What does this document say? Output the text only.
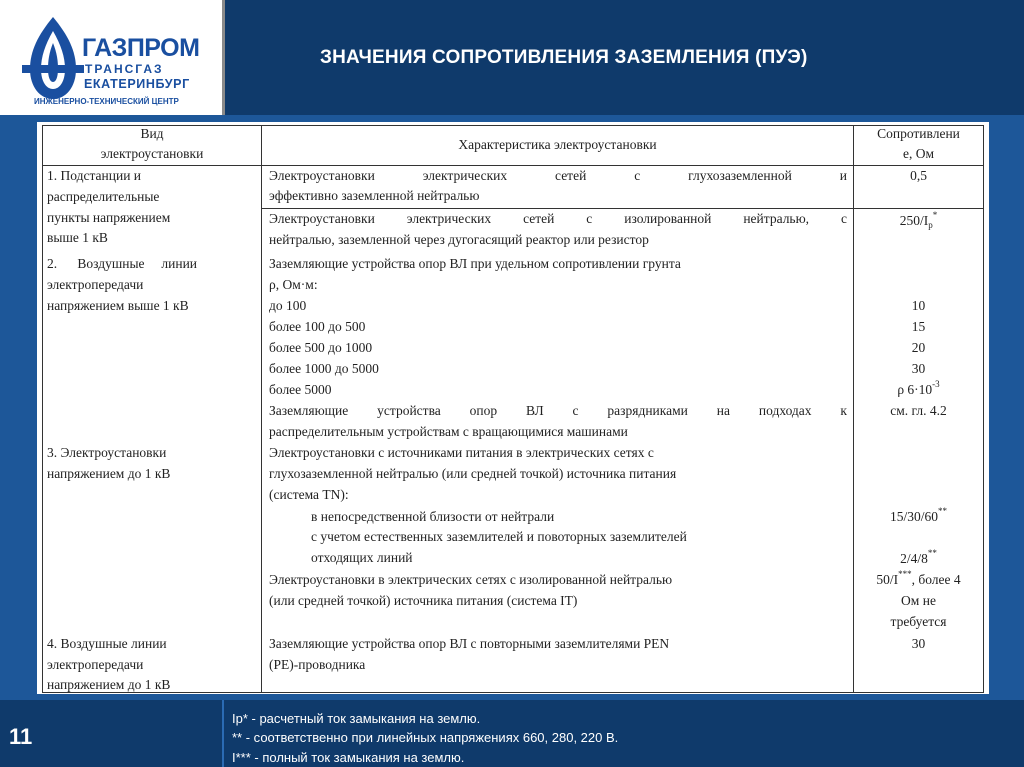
ГАЗПРОМ
ТРАНСГАЗ
ЕКАТЕРИНБУРГ
ИНЖЕНЕРНО-ТЕХНИЧЕСКИЙ ЦЕНТР
ЗНАЧЕНИЯ СОПРОТИВЛЕНИЯ ЗАЗЕМЛЕНИЯ (ПУЭ)
Вид
электроустановки
Характеристика электроустановки
Сопротивлени
е, Ом
1. Подстанции и
распределительные
пункты напряжением
выше 1 кВ
2.      Воздушные     линии
электропередачи
напряжением выше 1 кВ
3. Электроустановки
напряжением до 1 кВ
4. Воздушные линии
электропередачи
напряжением до 1 кВ
Электроустановки электрических сетей с глухозаземленной и
эффективно заземленной нейтралью
Электроустановки электрических сетей с изолированной нейтралью, с
нейтралью, заземленной через дугогасящий реактор или резистор
Заземляющие устройства опор ВЛ при удельном сопротивлении грунта
ρ, Ом·м:
до 100
более 100 до 500
более 500 до 1000
более 1000 до 5000
более 5000
Заземляющие устройства опор ВЛ с разрядниками на подходах к
распределительным устройствам с вращающимися машинами
Электроустановки с источниками питания в электрических сетях с
глухозаземленной нейтралью (или средней точкой) источника питания
(система TN):
в непосредственной близости от нейтрали
с учетом естественных заземлителей и повоторных заземлителей
отходящих линий
Электроустановки в электрических сетях с изолированной нейтралью
(или средней точкой) источника питания (система IT)
Заземляющие устройства опор ВЛ с повторными заземлителями PEN
(PE)-проводника
0,5
$250/I_р^*$
10
15
20
30
ρ $6\cdot 10^{-3}$
см. гл. 4.2
15/30/60**
2/4/8**
50/I***, более 4
Ом не
требуется
30
11
Ip* - расчетный ток замыкания на землю.
** - соответственно при линейных напряжениях 660, 280, 220 В.
I*** - полный ток замыкания на землю.
